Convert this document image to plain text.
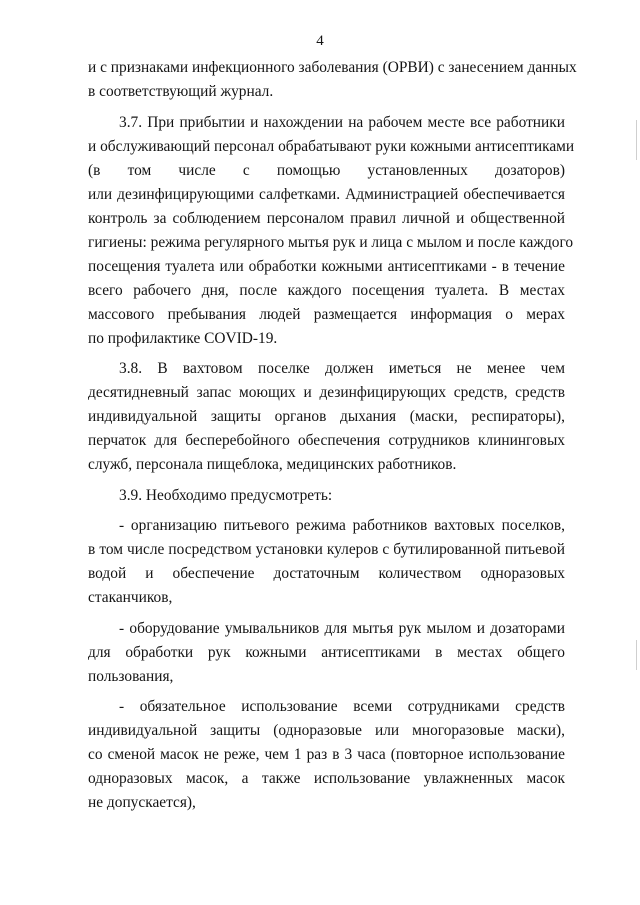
4
и с признаками инфекционного заболевания (ОРВИ) с занесением данных
в соответствующий журнал.
3.7. При прибытии и нахождении на рабочем месте все работники
и обслуживающий персонал обрабатывают руки кожными антисептиками
(в том числе с помощью установленных дозаторов)
или дезинфицирующими салфетками. Администрацией обеспечивается
контроль за соблюдением персоналом правил личной и общественной
гигиены: режима регулярного мытья рук и лица с мылом и после каждого
посещения туалета или обработки кожными антисептиками - в течение
всего рабочего дня, после каждого посещения туалета. В местах
массового пребывания людей размещается информация о мерах
по профилактике COVID-19.
3.8. В вахтовом поселке должен иметься не менее чем
десятидневный запас моющих и дезинфицирующих средств, средств
индивидуальной защиты органов дыхания (маски, респираторы),
перчаток для бесперебойного обеспечения сотрудников клининговых
служб, персонала пищеблока, медицинских работников.
3.9. Необходимо предусмотреть:
- организацию питьевого режима работников вахтовых поселков,
в том числе посредством установки кулеров с бутилированной питьевой
водой и обеспечение достаточным количеством одноразовых
стаканчиков,
- оборудование умывальников для мытья рук мылом и дозаторами
для обработки рук кожными антисептиками в местах общего
пользования,
- обязательное использование всеми сотрудниками средств
индивидуальной защиты (одноразовые или многоразовые маски),
со сменой масок не реже, чем 1 раз в 3 часа (повторное использование
одноразовых масок, а также использование увлажненных масок
не допускается),
